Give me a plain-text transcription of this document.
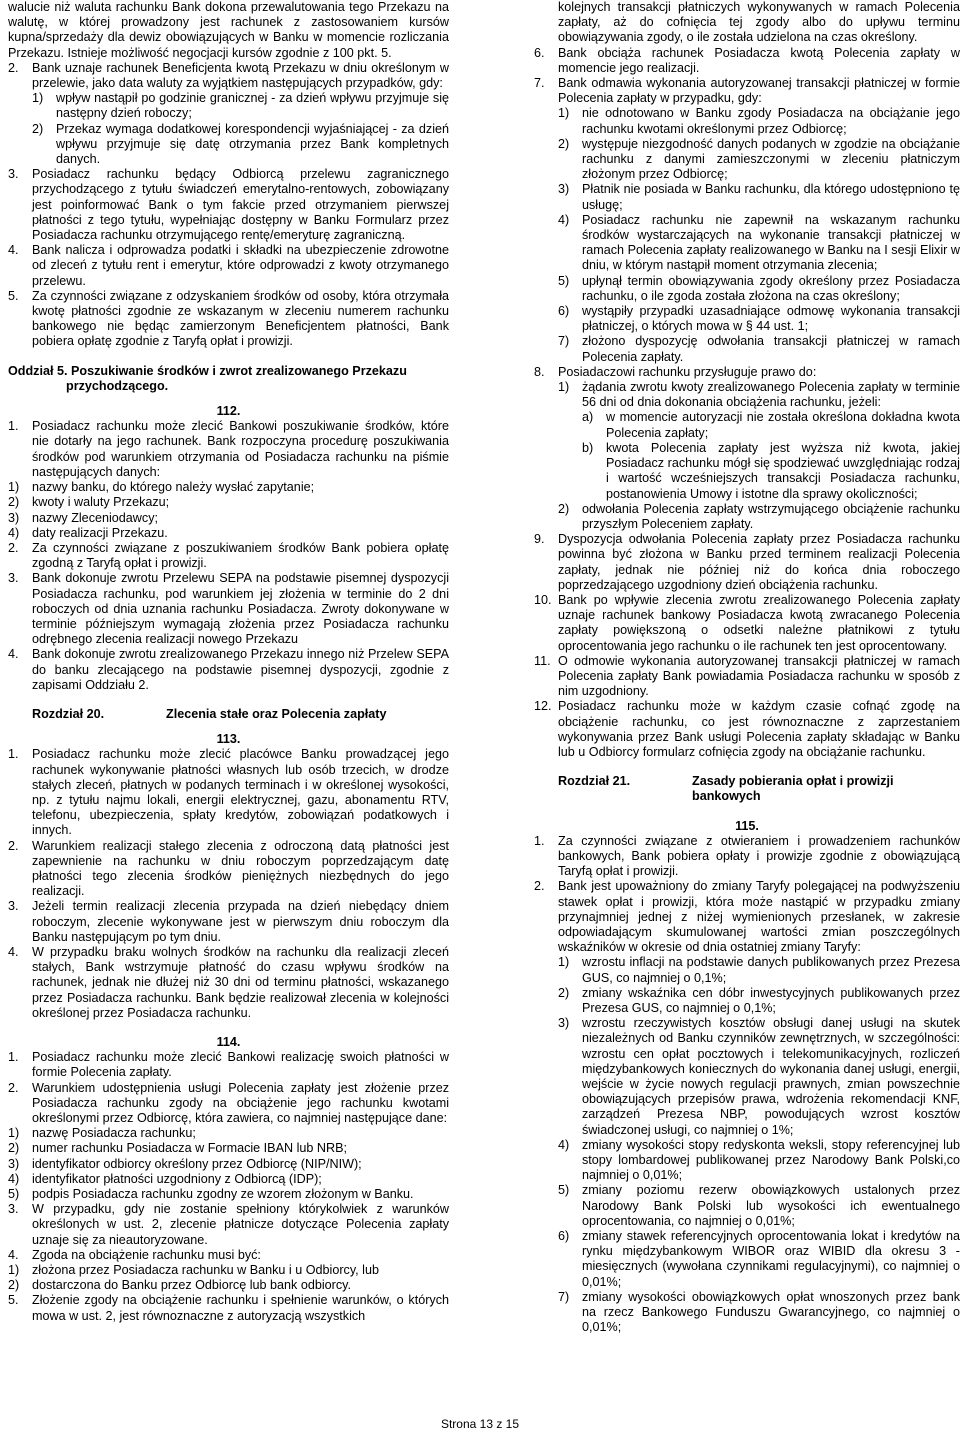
walucie niż waluta rachunku Bank dokona przewalutowania tego Przekazu na walutę, w której prowadzony jest rachunek z zastosowaniem kursów kupna/sprzedaży dla dewiz obowiązujących w Banku w momencie rozliczania Przekazu. Istnieje możliwość negocjacji kursów zgodnie z 100 pkt. 5.

2.	Bank uznaje rachunek Beneficjenta kwotą Przekazu w dniu określonym w przelewie, jako data waluty za wyjątkiem następujących przypadków, gdy:
1)	wpływ nastąpił po godzinie granicznej - za dzień wpływu przyjmuje się następny dzień roboczy;
2)	Przekaz wymaga dodatkowej korespondencji wyjaśniającej - za dzień wpływu przyjmuje się datę otrzymania przez Bank kompletnych danych.
3.	Posiadacz rachunku będący Odbiorcą przelewu zagranicznego przychodzącego z tytułu świadczeń emerytalno-rentowych, zobowiązany jest poinformować Bank o tym fakcie przed otrzymaniem pierwszej płatności z tego tytułu, wypełniając dostępny w Banku Formularz przez Posiadacza rachunku otrzymującego rentę/emeryturę zagraniczną.
4.	Bank nalicza i odprowadza podatki i składki na ubezpieczenie zdrowotne od zleceń z tytułu rent i emerytur, które odprowadzi z kwoty otrzymanego przelewu.
5.	Za czynności związane z odzyskaniem środków od osoby, która otrzymała kwotę płatności zgodnie ze wskazanym w zleceniu numerem rachunku bankowego nie będąc zamierzonym Beneficjentem płatności, Bank pobiera opłatę zgodnie z Taryfą opłat i prowizji.

Oddział 5. Poszukiwanie środków i zwrot zrealizowanego Przekazu

przychodzącego.

112.

1.	Posiadacz rachunku może zlecić Bankowi poszukiwanie środków, które nie dotarły na jego rachunek. Bank rozpoczyna procedurę poszukiwania środków pod warunkiem otrzymania od Posiadacza rachunku na piśmie następujących danych:
1)	nazwy banku, do którego należy wysłać zapytanie;
2)	kwoty i waluty Przekazu;
3)	nazwy Zleceniodawcy;
4)	daty realizacji Przekazu.
2.	Za czynności związane z poszukiwaniem środków Bank pobiera opłatę zgodną z Taryfą opłat i prowizji.
3.	Bank dokonuje zwrotu Przelewu SEPA na podstawie pisemnej dyspozycji Posiadacza rachunku, pod warunkiem jej złożenia w terminie do 2 dni roboczych od dnia uznania rachunku Posiadacza. Zwroty dokonywane w terminie późniejszym wymagają złożenia przez Posiadacza rachunku odrębnego zlecenia realizacji nowego Przekazu
4.	Bank dokonuje zwrotu zrealizowanego Przekazu innego niż Przelew SEPA do banku zlecającego na podstawie pisemnej dyspozycji, zgodnie z zapisami Oddziału 2.
Rozdział 20.	Zlecenia stałe oraz Polecenia zapłaty

113.

1.	Posiadacz rachunku może zlecić placówce Banku prowadzącej jego rachunek wykonywanie płatności własnych lub osób trzecich, w drodze stałych zleceń, płatnych w podanych terminach i w określonej wysokości, np. z tytułu najmu lokali, energii elektrycznej, gazu, abonamentu RTV, telefonu, ubezpieczenia, spłaty kredytów, zobowiązań podatkowych i innych.
2.	Warunkiem realizacji stałego zlecenia z odroczoną datą płatności jest zapewnienie na rachunku w dniu roboczym poprzedzającym datę płatności tego zlecenia środków pieniężnych niezbędnych do jego realizacji.
3.	Jeżeli termin realizacji zlecenia przypada na dzień niebędący dniem roboczym, zlecenie wykonywane jest w pierwszym dniu roboczym dla Banku następującym po tym dniu.
4.	W przypadku braku wolnych środków na rachunku dla realizacji zleceń stałych, Bank wstrzymuje płatność do czasu wpływu środków na rachunek, jednak nie dłużej niż 30 dni od terminu płatności, wskazanego przez Posiadacza rachunku. Bank będzie realizował zlecenia w kolejności określonej przez Posiadacza rachunku.

114.

1.	Posiadacz rachunku może zlecić Bankowi realizację swoich płatności w formie Polecenia zapłaty.
2.	Warunkiem udostępnienia usługi Polecenia zapłaty jest złożenie przez Posiadacza rachunku zgody na obciążenie jego rachunku kwotami określonymi przez Odbiorcę, która zawiera, co najmniej następujące dane:
1)	nazwę Posiadacza rachunku;
2)	numer rachunku Posiadacza w Formacie IBAN lub NRB;
3)	identyfikator odbiorcy określony przez Odbiorcę (NIP/NIW);
4)	identyfikator płatności uzgodniony z Odbiorcą (IDP);
5)	podpis Posiadacza rachunku zgodny ze wzorem złożonym w Banku.
3.	W przypadku, gdy nie zostanie spełniony którykolwiek z warunków określonych w ust. 2, zlecenie płatnicze dotyczące Polecenia zapłaty uznaje się za nieautoryzowane.
4.	Zgoda na obciążenie rachunku musi być:
1)	złożona przez Posiadacza rachunku w Banku i u Odbiorcy, lub
2)	dostarczona do Banku przez Odbiorcę lub bank odbiorcy.
5.	Złożenie zgody na obciążenie rachunku i spełnienie warunków, o których mowa w ust. 2, jest równoznaczne z autoryzacją wszystkich

kolejnych transakcji płatniczych wykonywanych w ramach Polecenia zapłaty, aż do cofnięcia tej zgody albo do upływu terminu obowiązywania zgody, o ile została udzielona na czas określony.

6.	Bank obciąża rachunek Posiadacza kwotą Polecenia zapłaty w momencie jego realizacji.
7.	Bank odmawia wykonania autoryzowanej transakcji płatniczej w formie Polecenia zapłaty w przypadku, gdy:
1)	nie odnotowano w Banku zgody Posiadacza na obciążanie jego rachunku kwotami określonymi przez Odbiorcę;
2)	występuje niezgodność danych podanych w zgodzie na obciążanie rachunku z danymi zamieszczonymi w zleceniu płatniczym złożonym przez Odbiorcę;
3)	Płatnik nie posiada w Banku rachunku, dla którego udostępniono tę usługę;
4)	Posiadacz rachunku nie zapewnił na wskazanym rachunku środków wystarczających na wykonanie transakcji płatniczej w ramach Polecenia zapłaty realizowanego w Banku na I sesji Elixir w dniu, w którym nastąpił moment otrzymania zlecenia;
5)	upłynął termin obowiązywania zgody określony przez Posiadacza rachunku, o ile zgoda została złożona na czas określony;
6)	wystąpiły przypadki uzasadniające odmowę wykonania transakcji płatniczej, o których mowa w § 44 ust. 1;
7)	złożono dyspozycję odwołania transakcji płatniczej w ramach Polecenia zapłaty.
8.	Posiadaczowi rachunku przysługuje prawo do:
1)	żądania zwrotu kwoty zrealizowanego Polecenia zapłaty w terminie 56 dni od dnia dokonania obciążenia rachunku, jeżeli:
a)	w momencie autoryzacji nie została określona dokładna kwota Polecenia zapłaty;
b)	kwota Polecenia zapłaty jest wyższa niż kwota, jakiej Posiadacz rachunku mógł się spodziewać uwzględniając rodzaj i wartość wcześniejszych transakcji Posiadacza rachunku, postanowienia Umowy i istotne dla sprawy okoliczności;
2)	odwołania Polecenia zapłaty wstrzymującego obciążenie rachunku przyszłym Poleceniem zapłaty.
9.	Dyspozycja odwołania Polecenia zapłaty przez Posiadacza rachunku powinna być złożona w Banku przed terminem realizacji Polecenia zapłaty, jednak nie później niż do końca dnia roboczego poprzedzającego uzgodniony dzień obciążenia rachunku.
10. Bank po wpływie zlecenia zwrotu zrealizowanego Polecenia zapłaty uznaje rachunek bankowy Posiadacza kwotą zwracanego Polecenia zapłaty powiększoną o odsetki należne płatnikowi z tytułu oprocentowania jego rachunku o ile rachunek ten jest oprocentowany.
11. O odmowie wykonania autoryzowanej transakcji płatniczej w ramach Polecenia zapłaty Bank powiadamia Posiadacza rachunku w sposób z nim uzgodniony.
12. Posiadacz rachunku może w każdym czasie cofnąć zgodę na obciążenie rachunku, co jest równoznaczne z zaprzestaniem wykonywania przez Bank usługi Polecenia zapłaty składając w Banku lub u Odbiorcy formularz cofnięcia zgody na obciążanie rachunku.
Rozdział 21.	Zasady pobierania opłat i prowizji bankowych

115.

1.	Za czynności związane z otwieraniem i prowadzeniem rachunków bankowych, Bank pobiera opłaty i prowizje zgodnie z obowiązującą Taryfą opłat i prowizji.
2.	Bank jest upoważniony do zmiany Taryfy polegającej na podwyższeniu stawek opłat i prowizji, która może nastąpić w przypadku zmiany przynajmniej jednej z niżej wymienionych przesłanek, w zakresie odpowiadającym skumulowanej wartości zmian poszczególnych wskaźników w okresie od dnia ostatniej zmiany Taryfy:
1)	wzrostu inflacji na podstawie danych publikowanych przez Prezesa GUS, co najmniej o 0,1%;
2)	zmiany wskaźnika cen dóbr inwestycyjnych publikowanych przez Prezesa GUS, co najmniej o 0,1%;
3)	wzrostu rzeczywistych kosztów obsługi danej usługi na skutek niezależnych od Banku czynników zewnętrznych, w szczególności: wzrostu cen opłat pocztowych i telekomunikacyjnych, rozliczeń międzybankowych koniecznych do wykonania danej usługi, energii, wejście w życie nowych regulacji prawnych, zmian powszechnie obowiązujących przepisów prawa, wdrożenia rekomendacji KNF, zarządzeń Prezesa NBP, powodujących wzrost kosztów świadczonej usługi, co najmniej o 1%;
4)	zmiany wysokości stopy redyskonta weksli, stopy referencyjnej lub stopy lombardowej publikowanej przez Narodowy Bank Polski,co najmniej o 0,01%;
5)	zmiany poziomu rezerw obowiązkowych ustalonych przez Narodowy Bank Polski lub wysokości ich ewentualnego oprocentowania, co najmniej o 0,01%;
6)	zmiany stawek referencyjnych oprocentowania lokat i kredytów na rynku międzybankowym WIBOR oraz WIBID dla okresu 3 - miesięcznych (wywołana czynnikami regulacyjnymi), co najmniej o 0,01%;
7)	zmiany wysokości obowiązkowych opłat wnoszonych przez bank na rzecz Bankowego Funduszu Gwarancyjnego, co najmniej o 0,01%;
Strona 13 z 15
